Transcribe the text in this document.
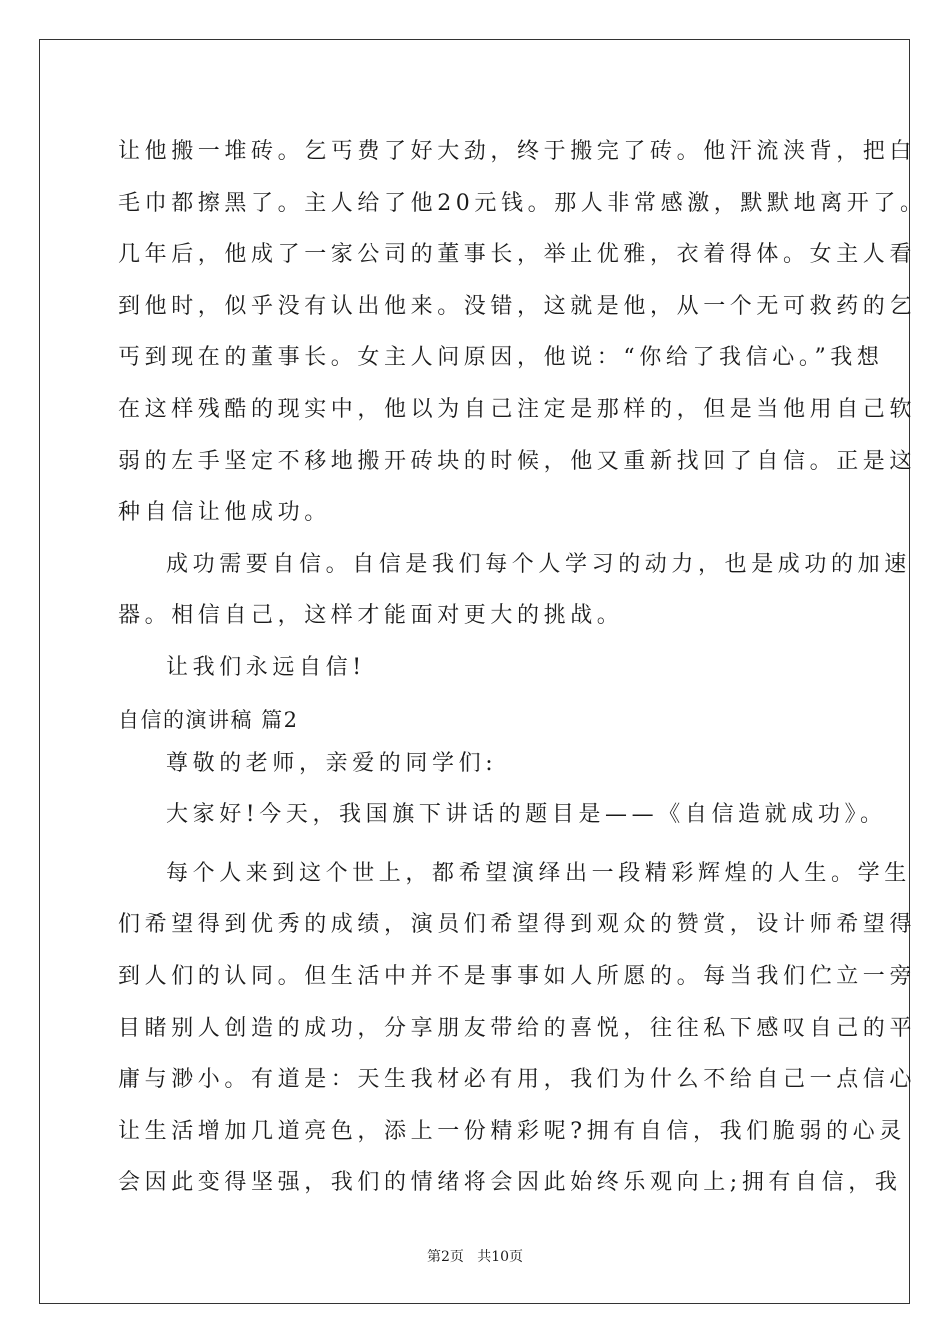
让他搬一堆砖。乞丐费了好大劲，终于搬完了砖。他汗流浃背，把白
毛巾都擦黑了。主人给了他20元钱。那人非常感激，默默地离开了。
几年后，他成了一家公司的董事长，举止优雅，衣着得体。女主人看
到他时，似乎没有认出他来。没错，这就是他，从一个无可救药的乞
丐到现在的董事长。女主人问原因，他说：“你给了我信心。”我想
在这样残酷的现实中，他以为自己注定是那样的，但是当他用自己软
弱的左手坚定不移地搬开砖块的时候，他又重新找回了自信。正是这
种自信让他成功。
成功需要自信。自信是我们每个人学习的动力，也是成功的加速
器。相信自己，这样才能面对更大的挑战。
让我们永远自信!
自信的演讲稿 篇2
尊敬的老师，亲爱的同学们:
大家好!今天，我国旗下讲话的题目是——《自信造就成功》。
每个人来到这个世上，都希望演绎出一段精彩辉煌的人生。学生
们希望得到优秀的成绩，演员们希望得到观众的赞赏，设计师希望得
到人们的认同。但生活中并不是事事如人所愿的。每当我们伫立一旁
目睹别人创造的成功，分享朋友带给的喜悦，往往私下感叹自己的平
庸与渺小。有道是：天生我材必有用，我们为什么不给自己一点信心
让生活增加几道亮色，添上一份精彩呢?拥有自信，我们脆弱的心灵
会因此变得坚强，我们的情绪将会因此始终乐观向上;拥有自信，我
第2页   共10页
